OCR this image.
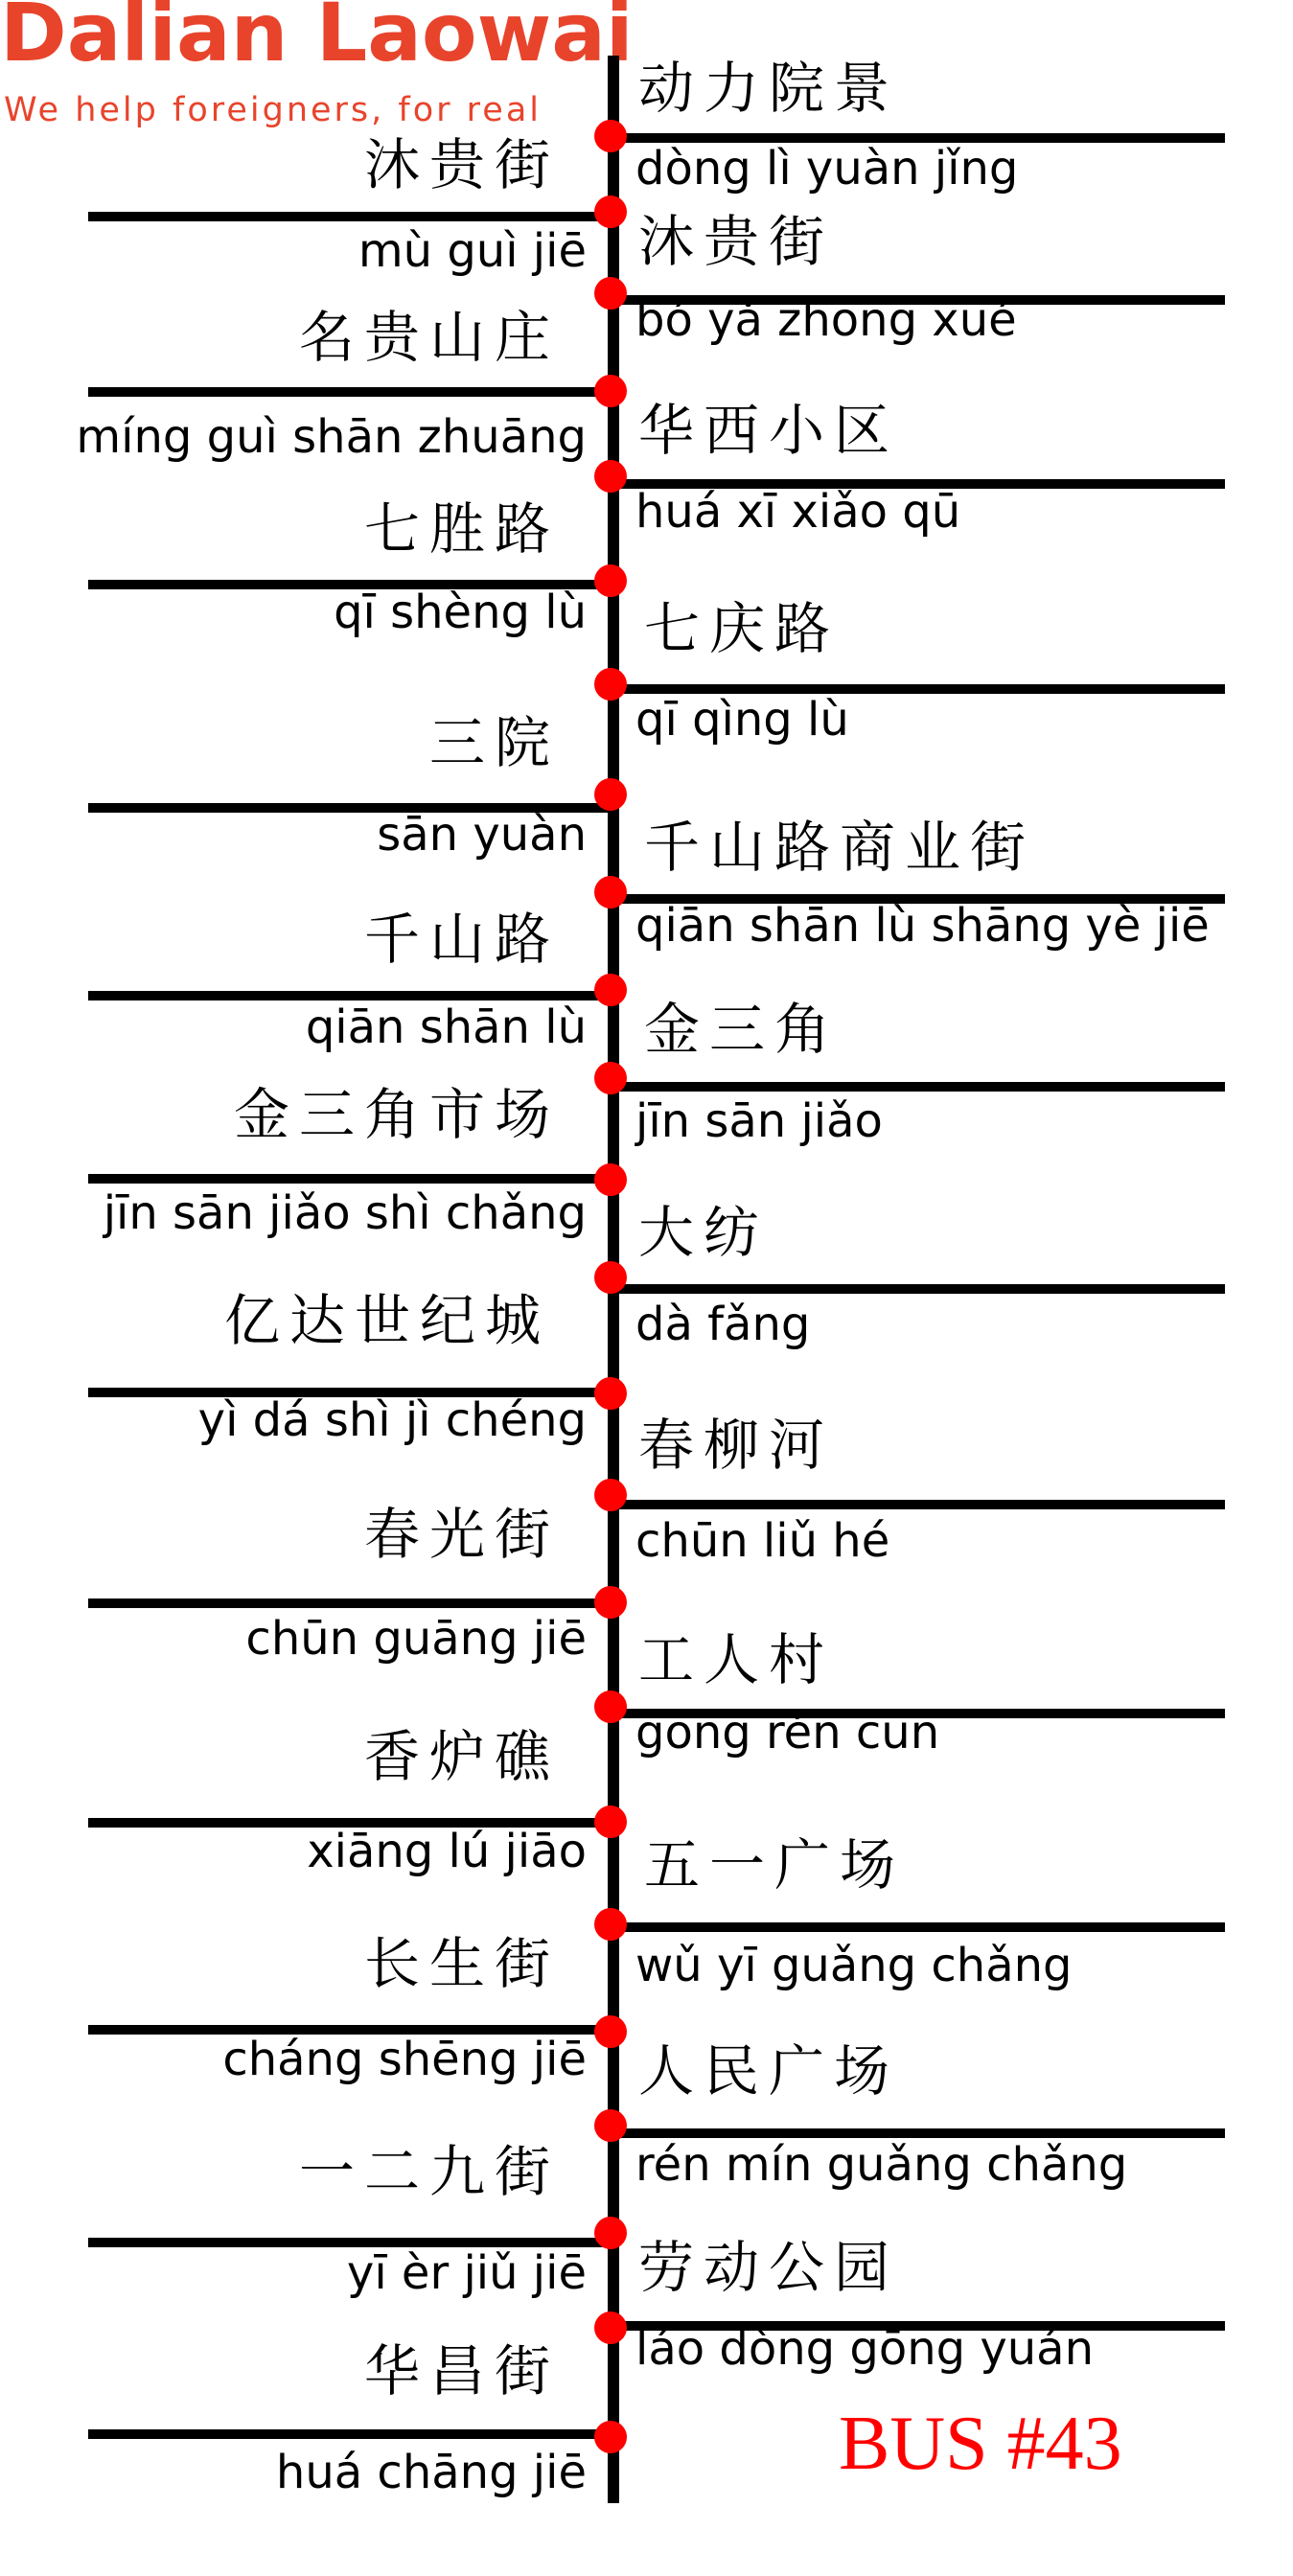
Dalian Laowai
We help foreigners, for real 动力院景
dòng lì yuàn jǐng
沐贵街
mù guì jiē 沐贵街
bó yǎ zhōng xué
名贵山庄
míng guì shān zhuāng 华西小区
huá xī xiǎo qū
七胜路
qī shèng lù 七庆路
qī qìng lù
三院
sān yuàn 千山路商业街
qiān shān lù shāng yè jiē
千山路
qiān shān lù 金三角
jīn sān jiǎo
金三角市场
jīn sān jiǎo shì chǎng 大纺
dà fǎng
亿达世纪城
yì dá shì jì chéng 春柳河
chūn liǔ hé
春光街
chūn guāng jiē 工人村
gōng rén cūn
香炉礁
xiāng lú jiāo 五一广场
wǔ yī guǎng chǎng
长生街
cháng shēng jiē 人民广场
rén mín guǎng chǎng
一二九街
yī èr jiǔ jiē 劳动公园
láo dòng gōng yuán
华昌街
huá chāng jiē	BUS #43
